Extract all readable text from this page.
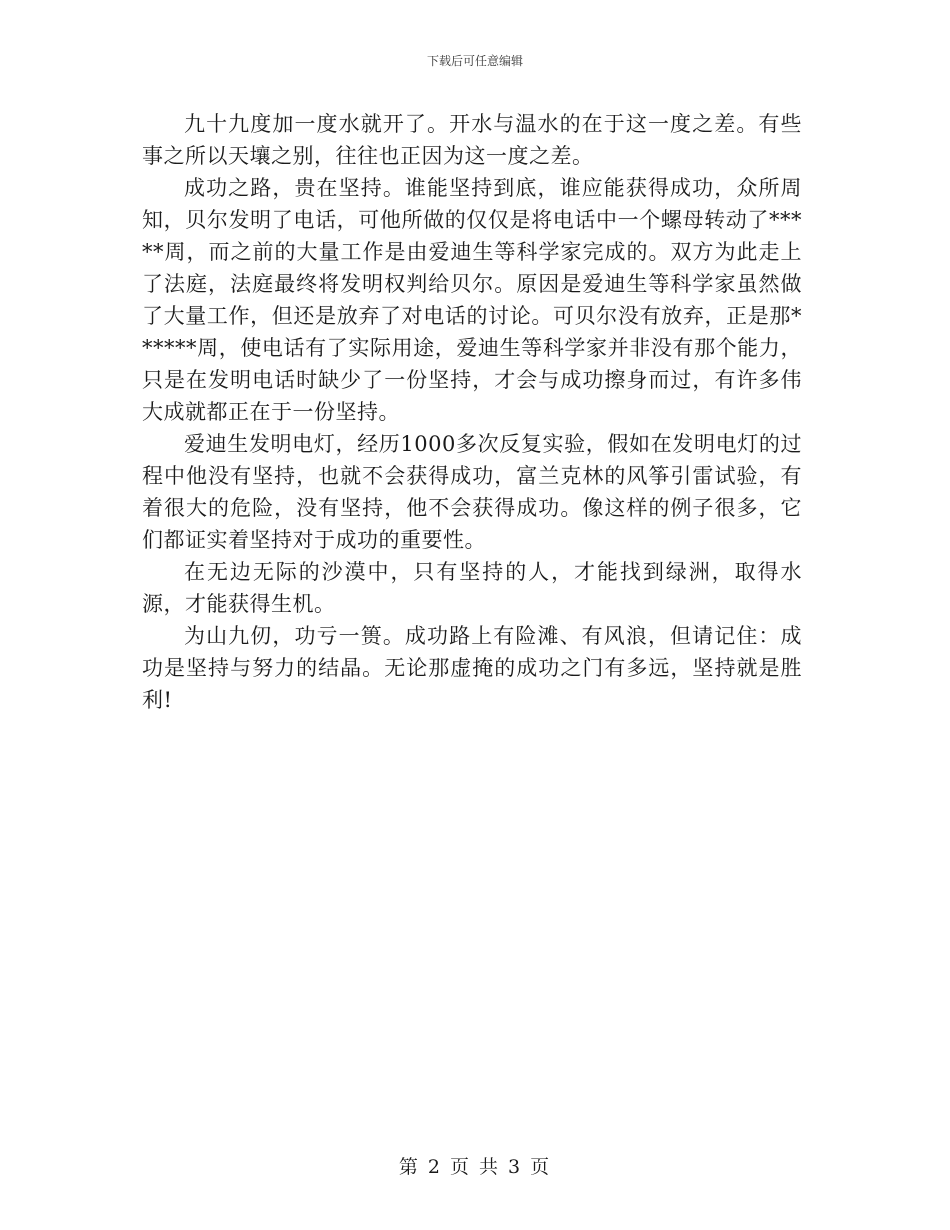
下载后可任意编辑

九十九度加一度水就开了。开水与温水的在于这一度之差。有些事之所以天壤之别，往往也正因为这一度之差。

成功之路，贵在坚持。谁能坚持到底，谁应能获得成功，众所周知，贝尔发明了电话，可他所做的仅仅是将电话中一个螺母转动了*****周，而之前的大量工作是由爱迪生等科学家完成的。双方为此走上了法庭，法庭最终将发明权判给贝尔。原因是爱迪生等科学家虽然做了大量工作，但还是放弃了对电话的讨论。可贝尔没有放弃，正是那******周，使电话有了实际用途，爱迪生等科学家并非没有那个能力，只是在发明电话时缺少了一份坚持，才会与成功擦身而过，有许多伟大成就都正在于一份坚持。

爱迪生发明电灯，经历1000多次反复实验，假如在发明电灯的过程中他没有坚持，也就不会获得成功，富兰克林的风筝引雷试验，有着很大的危险，没有坚持，他不会获得成功。像这样的例子很多，它们都证实着坚持对于成功的重要性。

在无边无际的沙漠中，只有坚持的人，才能找到绿洲，取得水源，才能获得生机。

为山九仞，功亏一篑。成功路上有险滩、有风浪，但请记住：成功是坚持与努力的结晶。无论那虚掩的成功之门有多远，坚持就是胜利!

第 2 页 共 3 页
